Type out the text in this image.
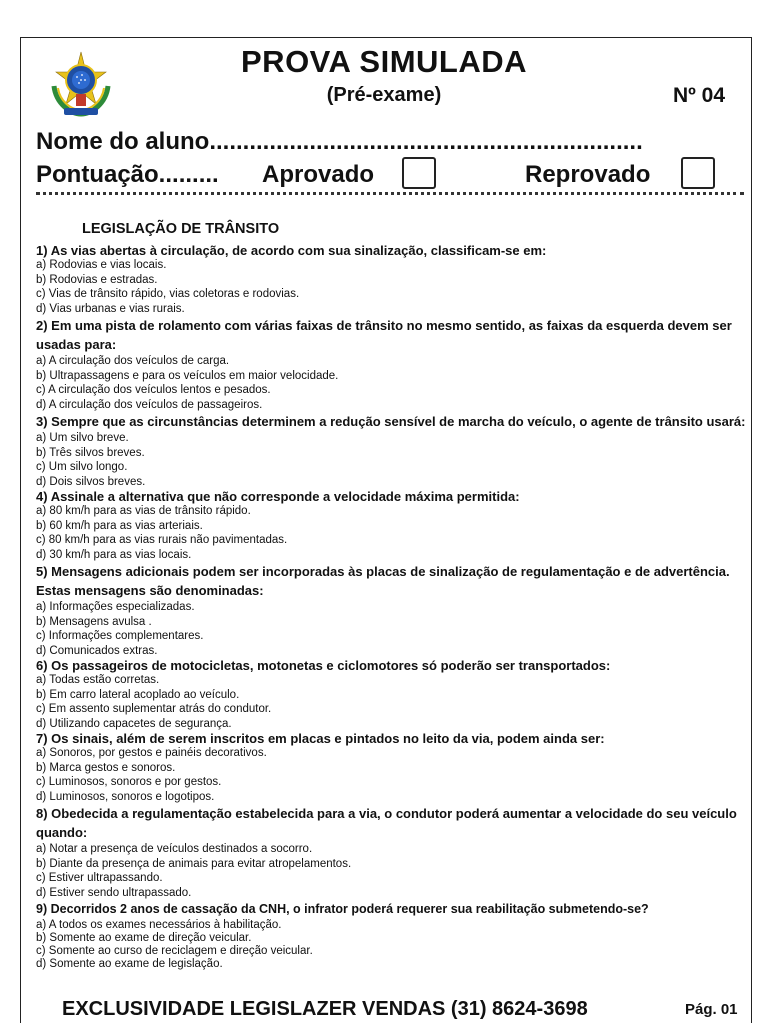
PROVA SIMULADA
(Pré-exame)	Nº 04
Nome do aluno.................................................................
Pontuação......... Aprovado	Reprovado
LEGISLAÇÃO DE TRÂNSITO

1) As vias abertas à circulação, de acordo com sua sinalização, classificam-se em:

a) Rodovias e vias locais.

b) Rodovias e estradas.

c) Vias de trânsito rápido, vias coletoras e rodovias.

d) Vias urbanas e vias rurais.

2) Em uma pista de rolamento com várias faixas de trânsito no mesmo sentido, as faixas da esquerda devem ser usadas para:

a) A circulação dos veículos de carga.

b) Ultrapassagens e para os veículos em maior velocidade.

c) A circulação dos veículos lentos e pesados.

d) A circulação dos veículos de passageiros.

3) Sempre que as circunstâncias determinem a redução sensível de marcha do veículo, o agente de trânsito usará:

a) Um silvo breve.

b) Três silvos breves.

c) Um silvo longo.

d) Dois silvos breves.

4) Assinale a alternativa que não corresponde a velocidade máxima permitida:

a) 80 km/h para as vias de trânsito rápido.

b) 60 km/h para as vias arteriais.

c) 80 km/h para as vias rurais não pavimentadas.

d) 30 km/h para as vias locais.

5) Mensagens adicionais podem ser incorporadas às placas de sinalização de regulamentação e de advertência. Estas mensagens são denominadas:

a) Informações especializadas.

b) Mensagens avulsa .

c) Informações complementares.

d) Comunicados extras.

6) Os passageiros de motocicletas, motonetas e ciclomotores só poderão ser transportados:

a) Todas estão corretas.

b) Em carro lateral acoplado ao veículo.

c) Em assento suplementar atrás do condutor.

d) Utilizando capacetes de segurança.

7) Os sinais, além de serem inscritos em placas e pintados no leito da via, podem ainda ser:

a) Sonoros, por gestos e painéis decorativos.

b) Marca gestos e sonoros.

c) Luminosos, sonoros e por gestos.

d) Luminosos, sonoros e logotipos.

8) Obedecida a regulamentação estabelecida para a via, o condutor poderá aumentar a velocidade do seu veículo quando:

a) Notar a presença de veículos destinados a socorro.

b) Diante da presença de animais para evitar atropelamentos.

c) Estiver ultrapassando.

d) Estiver sendo ultrapassado.

9) Decorridos 2 anos de cassação da CNH, o infrator poderá requerer sua reabilitação submetendo-se?

a) A todos os exames necessários à habilitação.

b) Somente ao exame de direção veicular.

c) Somente ao curso de reciclagem e direção veicular.

d) Somente ao exame de legislação.

EXCLUSIVIDADE LEGISLAZER VENDAS (31) 8624-3698	Pág. 01
